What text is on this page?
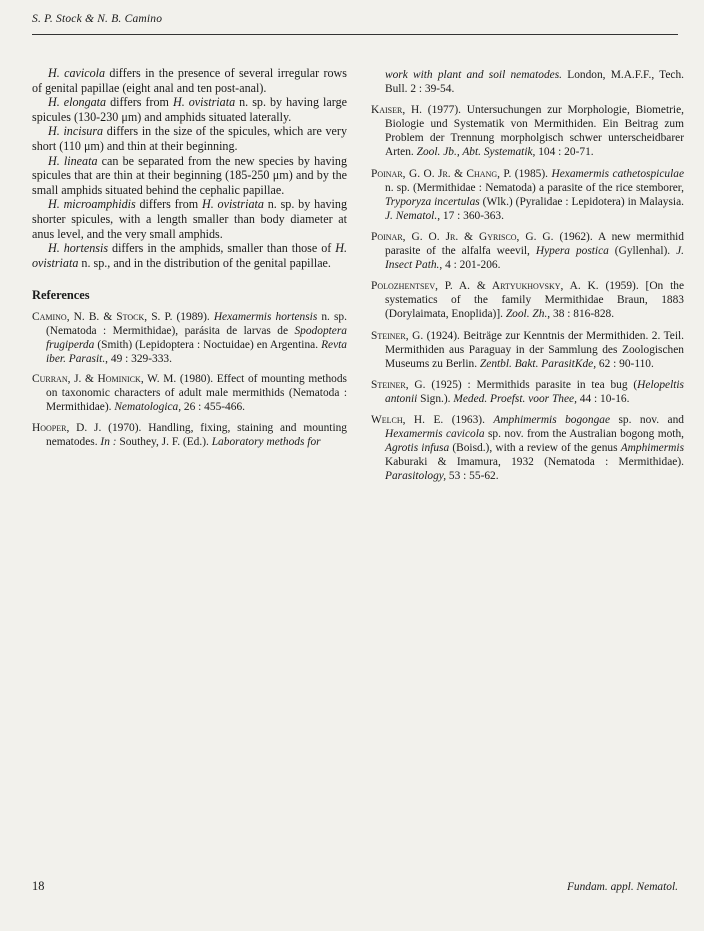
S. P. Stock & N. B. Camino

H. cavicola differs in the presence of several irregular rows of genital papillae (eight anal and ten post-anal).

H. elongata differs from H. ovistriata n. sp. by having large spicules (130-230 μm) and amphids situated laterally.

H. incisura differs in the size of the spicules, which are very short (110 μm) and thin at their beginning.

H. lineata can be separated from the new species by having spicules that are thin at their beginning (185-250 μm) and by the small amphids situated behind the cephalic papillae.

H. microamphidis differs from H. ovistriata n. sp. by having shorter spicules, with a length smaller than body diameter at anus level, and the very small amphids.

H. hortensis differs in the amphids, smaller than those of H. ovistriata n. sp., and in the distribution of the genital papillae.

References

Camino, N. B. & Stock, S. P. (1989). Hexamermis hortensis n. sp. (Nematoda : Mermithidae), parásita de larvas de Spodoptera frugiperda (Smith) (Lepidoptera : Noctuidae) en Argentina. Revta iber. Parasit., 49 : 329-333.

Curran, J. & Hominick, W. M. (1980). Effect of mounting methods on taxonomic characters of adult male mermithids (Nematoda : Mermithidae). Nematologica, 26 : 455-466.

Hooper, D. J. (1970). Handling, fixing, staining and mounting nematodes. In : Southey, J. F. (Ed.). Laboratory methods for

work with plant and soil nematodes. London, M.A.F.F., Tech. Bull. 2 : 39-54.

Kaiser, H. (1977). Untersuchungen zur Morphologie, Biometrie, Biologie und Systematik von Mermithiden. Ein Beitrag zum Problem der Trennung morpholgisch schwer unterscheidbarer Arten. Zool. Jb., Abt. Systematik, 104 : 20-71.

Poinar, G. O. Jr. & Chang, P. (1985). Hexamermis cathetospiculae n. sp. (Mermithidae : Nematoda) a parasite of the rice stemborer, Tryporyza incertulas (Wlk.) (Pyralidae : Lepidotera) in Malaysia. J. Nematol., 17 : 360-363.

Poinar, G. O. Jr. & Gyrisco, G. G. (1962). A new mermithid parasite of the alfalfa weevil, Hypera postica (Gyllenhal). J. Insect Path., 4 : 201-206.

Polozhentsev, P. A. & Artyukhovsky, A. K. (1959). [On the systematics of the family Mermithidae Braun, 1883 (Dorylaimata, Enoplida)]. Zool. Zh., 38 : 816-828.

Steiner, G. (1924). Beiträge zur Kenntnis der Mermithiden. 2. Teil. Mermithiden aus Paraguay in der Sammlung des Zoologischen Museums zu Berlin. Zentbl. Bakt. ParasitKde, 62 : 90-110.

Steiner, G. (1925) : Mermithids parasite in tea bug (Helopeltis antonii Sign.). Meded. Proefst. voor Thee, 44 : 10-16.

Welch, H. E. (1963). Amphimermis bogongae sp. nov. and Hexamermis cavicola sp. nov. from the Australian bogong moth, Agrotis infusa (Boisd.), with a review of the genus Amphimermis Kaburaki & Imamura, 1932 (Nematoda : Mermithidae). Parasitology, 53 : 55-62.

18	Fundam. appl. Nematol.
